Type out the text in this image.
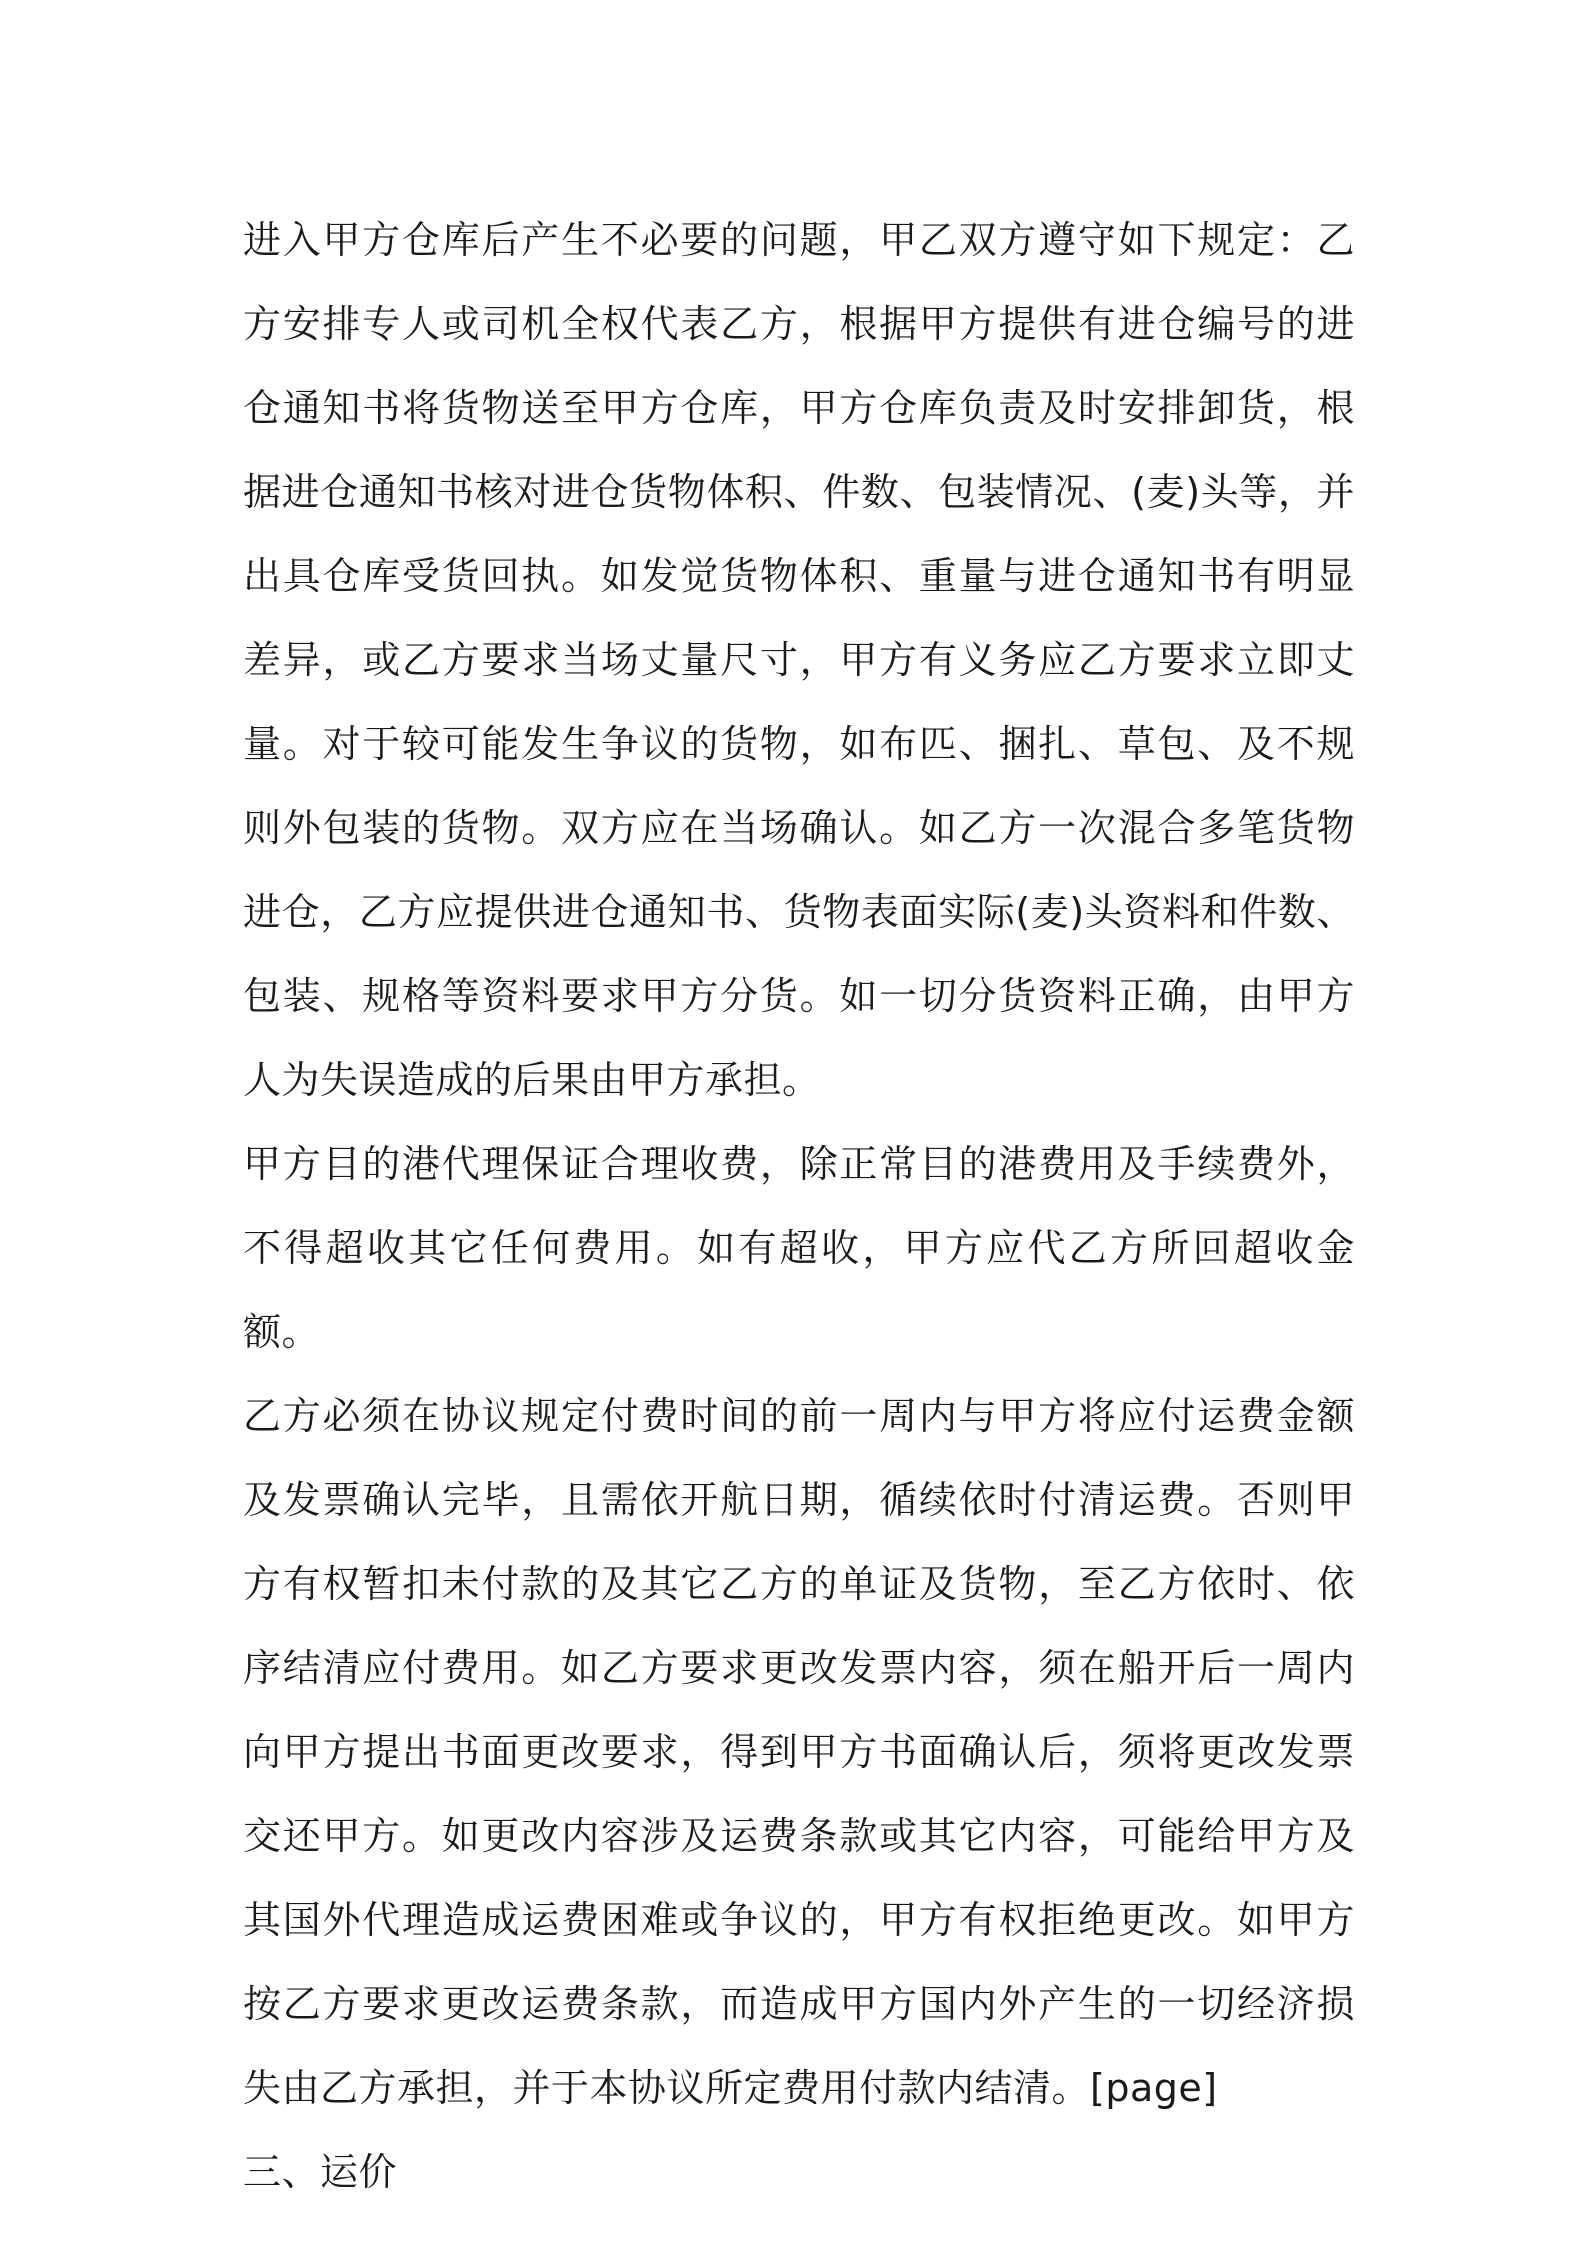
进入甲方仓库后产生不必要的问题，甲乙双方遵守如下规定：乙方安排专人或司机全权代表乙方，根据甲方提供有进仓编号的进仓通知书将货物送至甲方仓库，甲方仓库负责及时安排卸货，根据进仓通知书核对进仓货物体积、件数、包装情况、(麦)头等，并出具仓库受货回执。如发觉货物体积、重量与进仓通知书有明显差异，或乙方要求当场丈量尺寸，甲方有义务应乙方要求立即丈量。对于较可能发生争议的货物，如布匹、捆扎、草包、及不规则外包装的货物。双方应在当场确认。如乙方一次混合多笔货物进仓，乙方应提供进仓通知书、货物表面实际(麦)头资料和件数、包装、规格等资料要求甲方分货。如一切分货资料正确，由甲方人为失误造成的后果由甲方承担。

甲方目的港代理保证合理收费，除正常目的港费用及手续费外，不得超收其它任何费用。如有超收，甲方应代乙方所回超收金额。

乙方必须在协议规定付费时间的前一周内与甲方将应付运费金额及发票确认完毕，且需依开航日期，循续依时付清运费。否则甲方有权暂扣未付款的及其它乙方的单证及货物，至乙方依时、依序结清应付费用。如乙方要求更改发票内容，须在船开后一周内向甲方提出书面更改要求，得到甲方书面确认后，须将更改发票交还甲方。如更改内容涉及运费条款或其它内容，可能给甲方及其国外代理造成运费困难或争议的，甲方有权拒绝更改。如甲方按乙方要求更改运费条款，而造成甲方国内外产生的一切经济损失由乙方承担，并于本协议所定费用付款内结清。[page]

三、运价
